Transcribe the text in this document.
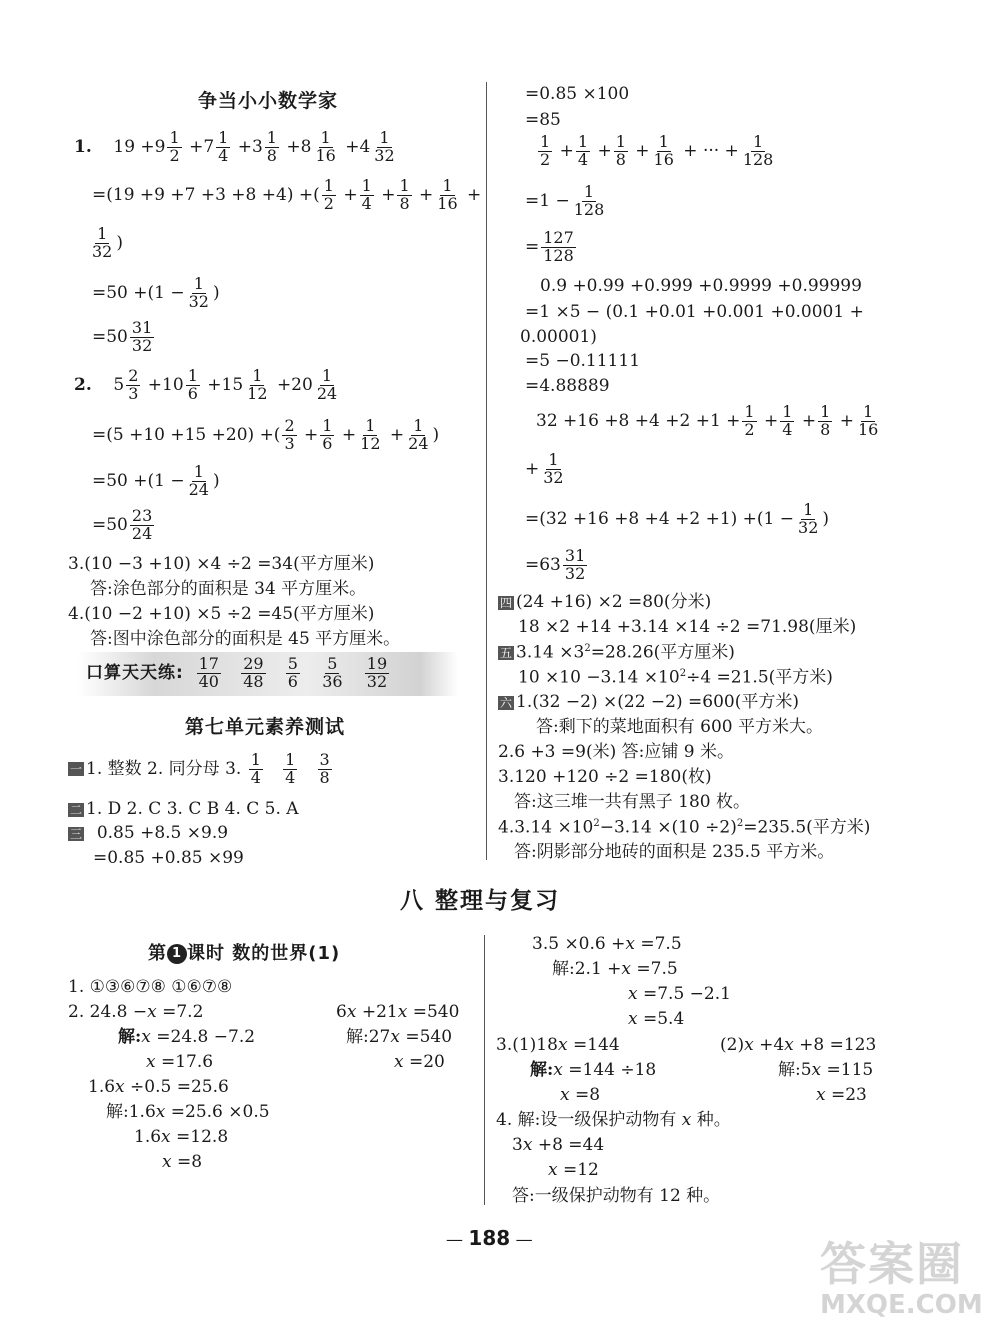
争当小小数学家
1. $19 +9 \frac{1}{2} +7 \frac{1}{4} +3 \frac{1}{8} +8 \frac{1}{16} +4 \frac{1}{32}$
=(19 +9 +7 +3 +8 +4) +( $\frac{1}{2} + \frac{1}{4} + \frac{1}{8} + \frac{1}{16}$ +
$\frac{1}{32}$ )
$=50 +(1 - \frac{1}{32}$ )
$=50 \frac{31}{32}$
2. $5 \frac{2}{3} +10 \frac{1}{6} +15 \frac{1}{12} +20 \frac{1}{24}$
=(5 +10 +15 +20) +( $\frac{2}{3} + \frac{1}{6} + \frac{1}{12} + \frac{1}{24}$ )
$=50 +(1 - \frac{1}{24}$ )
$=50 \frac{23}{24}$
3.(10 −3 +10) ×4 ÷2 =34(平方厘米)
答:涂色部分的面积是 34 平方厘米。
4.(10 −2 +10) ×5 ÷2 =45(平方厘米)
答:图中涂色部分的面积是 45 平方厘米。
口算天天练: $\frac{17}{40}$
$\frac{29}{48}$
$\frac{5}{6}$
$\frac{5}{36}$
$\frac{19}{32}$
第七单元素养测试
一 1. 整数 2. 同分母 3. $\frac{1}{4}$
$\frac{1}{4}$
$\frac{3}{8}$
二 1. D 2. C 3. C B 4. C 5. A
三 0.85 +8.5 ×9.9
=0.85 +0.85 ×99
=0.85 ×100
=85
$\frac{1}{2} + \frac{1}{4} + \frac{1}{8} + \frac{1}{16}$ + ··· + $\frac{1}{128}$
$=1 - \frac{1}{128}$
= $\frac{127}{128}$
0.9 +0.99 +0.999 +0.9999 +0.99999
=1 ×5 − (0.1 +0.01 +0.001 +0.0001 +
0.00001)
=5 −0.11111
=4.88889
$32 +16 +8 +4 +2 +1 + \frac{1}{2} + \frac{1}{4} + \frac{1}{8} + \frac{1}{16}$
+ $\frac{1}{32}$
$=(32 +16 +8 +4 +2 +1) +(1 - \frac{1}{32}$ )
$=63 \frac{31}{32}$
四 (24 +16) ×2 =80(分米)
18 ×2 +14 +3.14 ×14 ÷2 =71.98(厘米)
五 $3.14 \times 3^2=28.26$(平方厘米)
$10 \times 10 -3.14 \times 10^2\div 4 =21.5$(平方米)
六 1.(32 −2) ×(22 −2) =600(平方米)
答:剩下的菜地面积有 600 平方米大。
2.6 +3 =9(米) 答:应铺 9 米。
3.120 +120 ÷2 =180(枚)
答:这三堆一共有黑子 180 枚。
$4.3.14 \times 10^2-3.14 \times(10 \div 2)^2=235.5$(平方米)
答:阴影部分地砖的面积是 235.5 平方米。
八 整理与复习
第 1 课时 数的世界(1)
1. ①③⑥⑦⑧ ①⑥⑦⑧
2. 24.8 −x =7.2
解:x =24.8 −7.2
x =17.6
1.6x ÷0.5 =25.6
解:1.6x =25.6 ×0.5
1.6x =12.8
x =8
6x +21x =540
解:27x =540
x =20
3.5 ×0.6 +x =7.5
解:2.1 +x =7.5
x =7.5 −2.1
x =5.4
3.(1)18x =144
解:x =144 ÷18
x =8
(2)x +4x +8 =123
解:5x =115
x =23
4. 解:设一级保护动物有 x 种。
3x +8 =44
x =12
答:一级保护动物有 12 种。
— 188 —	答案圈
MXQE.COM
